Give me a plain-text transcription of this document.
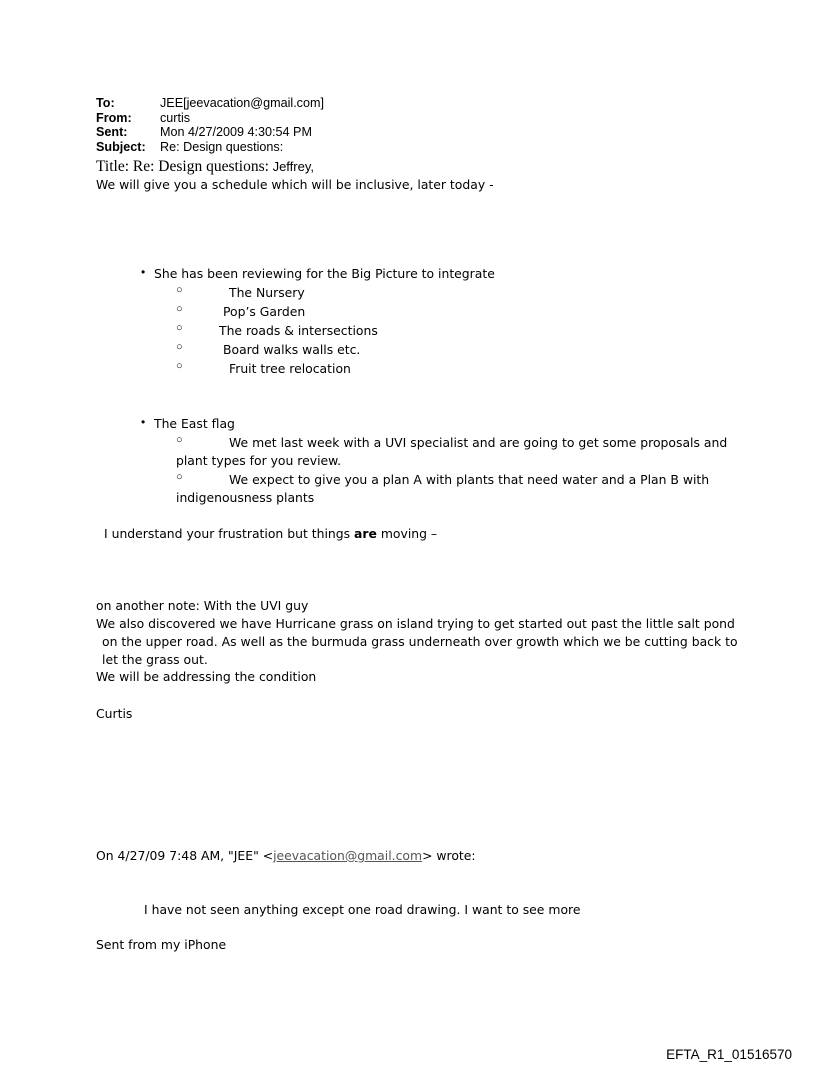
To:	JEE[jeevacation@gmail.com]
From:	curtis
Sent:	Mon 4/27/2009 4:30:54 PM
Subject:	Re: Design questions:
Title: Re: Design questions: Jeffrey,
We will give you a schedule which will be inclusive, later today -
• She has been reviewing for the Big Picture to integrate
○	The Nursery
○	Pop’s Garden
○	The roads & intersections
○	Board walks walls etc.
○	Fruit tree relocation
• The East flag
○	We met last week with a UVI specialist and are going to get some proposals and plant types for you review.
○	We expect to give you a plan A with plants that need water and a Plan B with indigenousness plants
I understand your frustration but things are moving –
on another note: With the UVI guy
We also discovered we have Hurricane grass on island trying to get started out past the little salt pond on the upper road. As well as the burmuda grass underneath over growth which we be cutting back to let the grass out.
We will be addressing the condition
Curtis
On 4/27/09 7:48 AM, "JEE" <jeevacation@gmail.com> wrote:
I have not seen anything except one road drawing. I want to see more
Sent from my iPhone
EFTA_R1_01516570
